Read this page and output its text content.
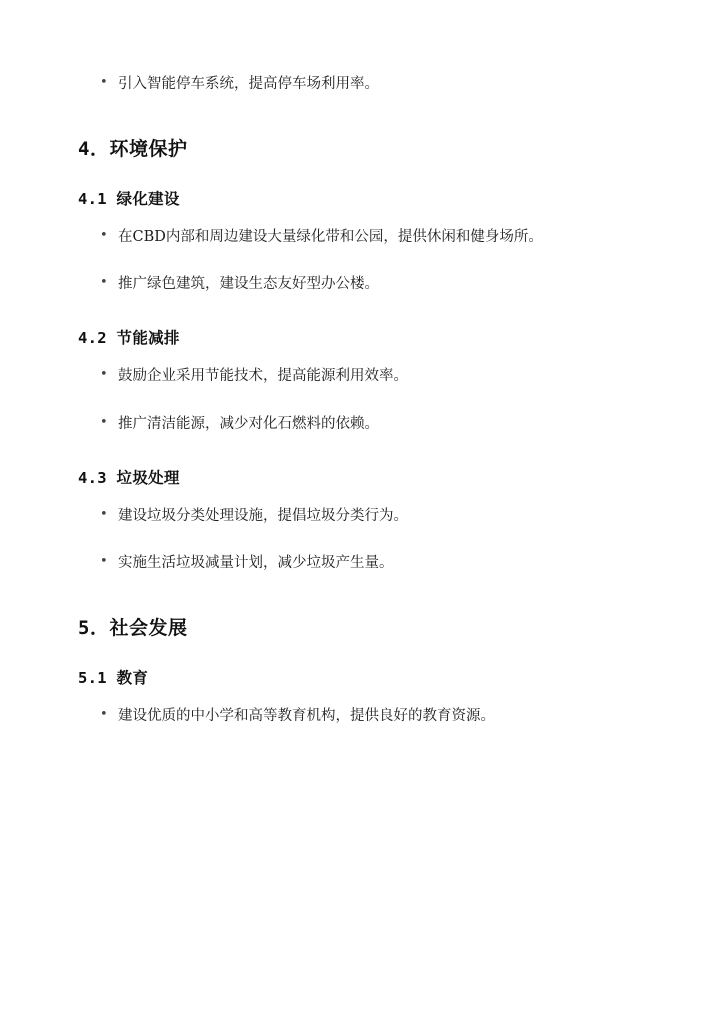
• 引入智能停车系统，提高停车场利用率。
4．环境保护
4.1 绿化建设
• 在CBD内部和周边建设大量绿化带和公园，提供休闲和健身场所。
• 推广绿色建筑，建设生态友好型办公楼。
4.2 节能减排
• 鼓励企业采用节能技术，提高能源利用效率。
• 推广清洁能源，减少对化石燃料的依赖。
4.3 垃圾处理
• 建设垃圾分类处理设施，提倡垃圾分类行为。
• 实施生活垃圾减量计划，减少垃圾产生量。
5．社会发展
5.1 教育
• 建设优质的中小学和高等教育机构，提供良好的教育资源。
